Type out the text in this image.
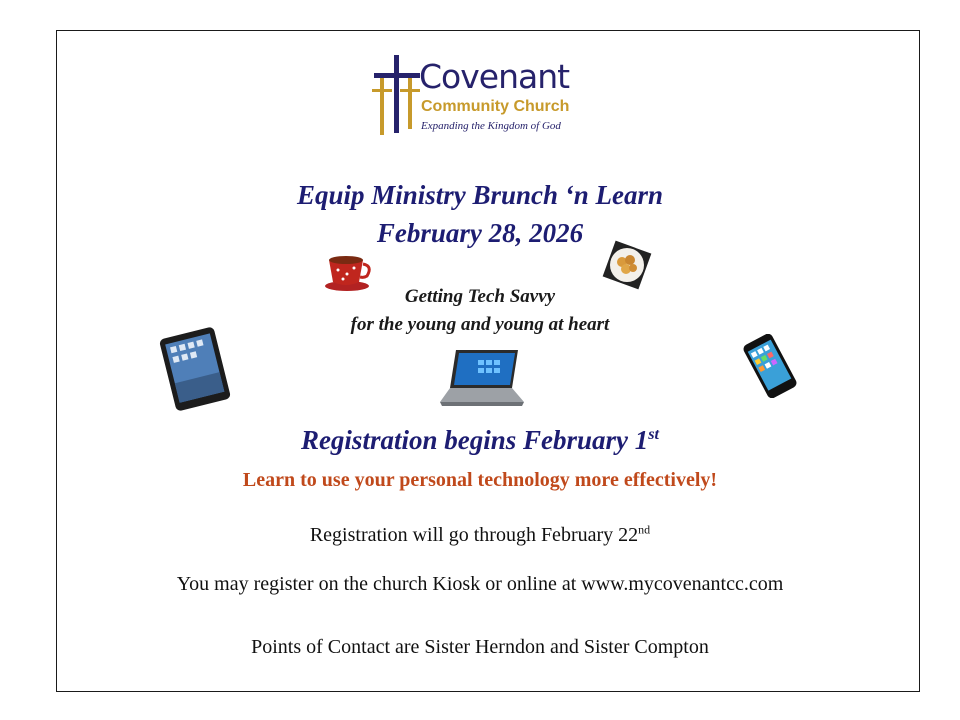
Covenant
Community Church
Expanding the Kingdom of God
Equip Ministry Brunch ‘n Learn
February 28, 2026
Getting Tech Savvy
for the young and young at heart
Registration begins February 1st
Learn to use your personal technology more effectively!
Registration will go through February 22nd
You may register on the church Kiosk or online at www.mycovenantcc.com
Points of Contact are Sister Herndon and Sister Compton
